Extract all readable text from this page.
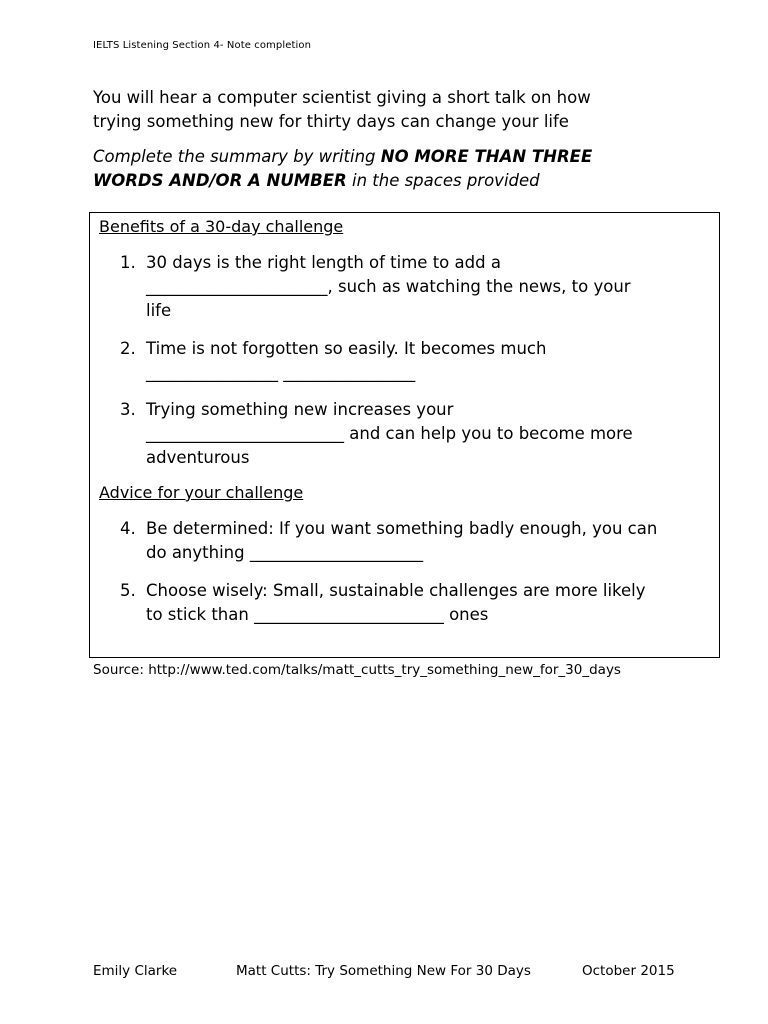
IELTS Listening Section 4- Note completion
You will hear a computer scientist giving a short talk on how
trying something new for thirty days can change your life
Complete the summary by writing NO MORE THAN THREE
WORDS AND/OR A NUMBER in the spaces provided
Benefits of a 30-day challenge
1. 30 days is the right length of time to add a
______________________, such as watching the news, to your
life
2. Time is not forgotten so easily. It becomes much
________________ ________________
3. Trying something new increases your
________________________ and can help you to become more
adventurous
Advice for your challenge
4. Be determined: If you want something badly enough, you can
do anything _____________________
5. Choose wisely: Small, sustainable challenges are more likely
to stick than _______________________ ones
Source: http://www.ted.com/talks/matt_cutts_try_something_new_for_30_days
Emily Clarke	Matt Cutts: Try Something New For 30 Days	October 2015
